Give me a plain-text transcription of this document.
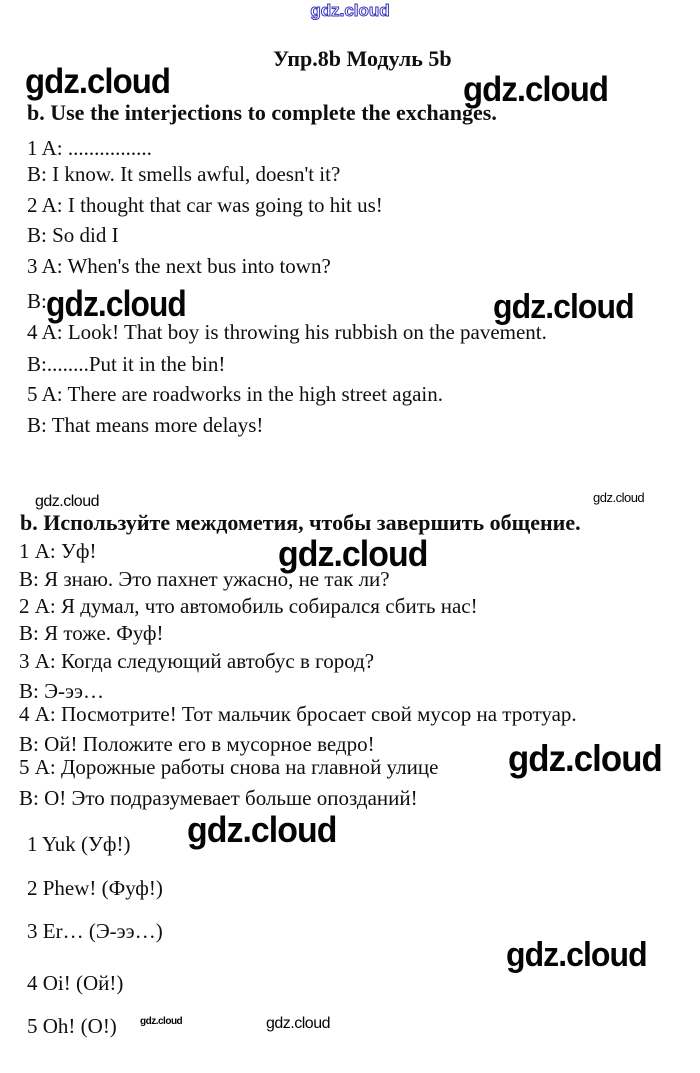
gdz.cloud
gdz.cloud	gdz.cloud
gdz.cloud	gdz.cloud
gdz.cloud	gdz.cloud
gdz.cloud
gdz.cloud
gdz.cloud
gdz.cloud
gdz.cloud	gdz.cloud
Упр.8b Модуль 5b
b. Use the interjections to complete the exchanges.
1 A: ................
B: I know. It smells awful, doesn't it?
2 A: I thought that car was going to hit us!
B: So did I
3 A: When's the next bus into town?
B:
4 A: Look! That boy is throwing his rubbish on the pavement.
B:........Put it in the bin!
5 A: There are roadworks in the high street again.
B: That means more delays!
b. Используйте междометия, чтобы завершить общение.
1 А: Уф!
В: Я знаю. Это пахнет ужасно, не так ли?
2 А: Я думал, что автомобиль собирался сбить нас!
В: Я тоже. Фуф!
3 А: Когда следующий автобус в город?
В: Э-ээ…
4 А: Посмотрите! Тот мальчик бросает свой мусор на тротуар.
В: Ой! Положите его в мусорное ведро!
5 А: Дорожные работы снова на главной улице
В: О! Это подразумевает больше опозданий!
1 Yuk (Уф!)
2 Phew! (Фуф!)
3 Er… (Э-ээ…)
4 Oi! (Ой!)
5 Oh! (O!)
